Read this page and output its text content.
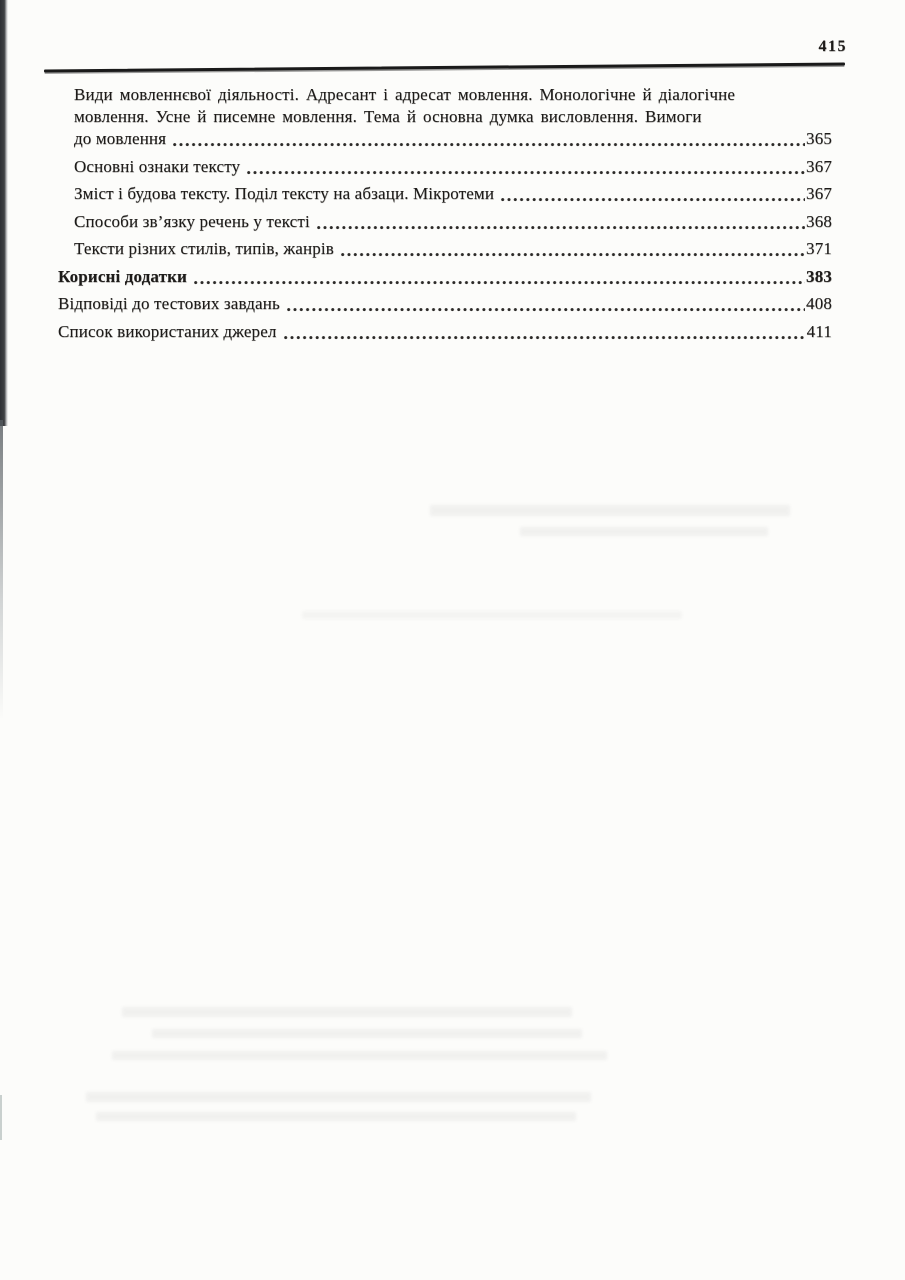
415
Види мовленнєвої діяльності. Адресант і адресат мовлення. Монологічне й діалогічне
мовлення. Усне й писемне мовлення. Тема й основна думка висловлення. Вимоги
до мовлення	365
Основні ознаки тексту	367
Зміст і будова тексту. Поділ тексту на абзаци. Мікротеми	367
Способи зв’язку речень у тексті	368
Тексти різних стилів, типів, жанрів	371
Корисні додатки	383
Відповіді до тестових завдань	408
Список використаних джерел	411
